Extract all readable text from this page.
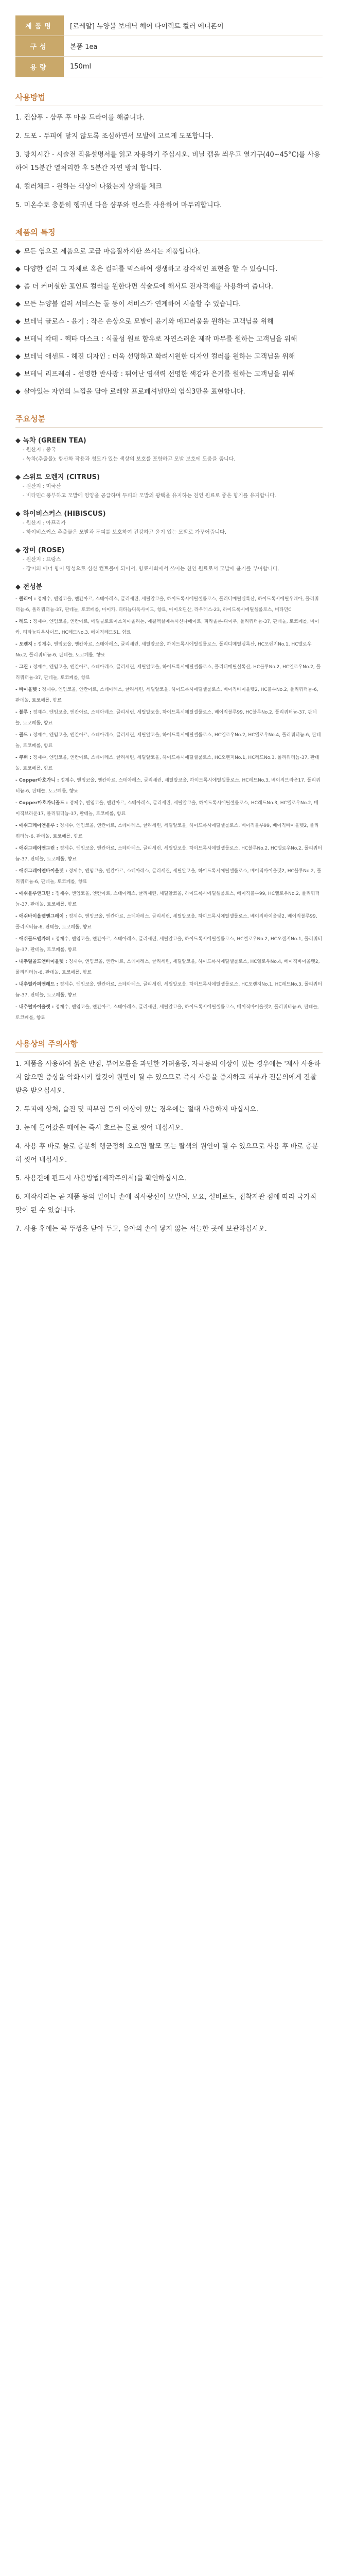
제품명	[로레알] 뉴양볼 보테닉 헤어 다이렉트 컬러 에너폰이
구성	본품 1ea
용량	150ml
사용방법
1. 컨샴푸 - 샴푸 후 마을 드라이를 해줍니다.
2. 도포 - 두피에 닿지 않도록 조심하면서 모발에 고르게 도포합니다.
3. 방치시간 - 시술전 직음설명서를 읽고 자용하기 주십시오. 비닐 캡을 씌우고 열기구(40~45°C)를 사용하여 15분간 열처리한 후 5분간 자연 방치 합니다.
4. 컬러체크 - 원하는 색상이 나왔는지 상태를 체크
5. 미온수로 충분히 헹궈낸 다음 샴푸와 린스를 사용하여 마무리합니다.
제품의 특징
◆ 모든 염으로 제품으로 고급 마음질까지한 쓰시는 제품입니다.
◆ 다양한 컬러 그 자체로 혹은 컬러를 믹스하여 생생하고 감각적인 표현을 할 수 있습니다.
◆ 좀 더 커머셜한 포인트 컬러를 원한다면 식술도에 해서도 전자적제를 사용하여 줍니다.
◆ 모든 뉴양볼 컬러 서비스는 둘 동이 서비스가 연계하여 시술할 수 있습니다.
◆ 보테닉 글로스 - 윤기 : 작은 손상으로 모발이 윤기와 매끄러움을 원하는 고객님을 위해
◆ 보테닉 칵테 - 헥타 마스크 : 식물성 원료 함유로 자연스러운 제작 마무를 원하는 고객님을 위해
◆ 보테닉 애센트 - 헤진 디자인 : 더욱 선명하고 화려시원한 디자인 컬러를 원하는 고객님을 위해
◆ 보테닉 리프레쉬 - 선명한 반사광 : 뛰어난 염색력 선명한 색감과 은기를 원하는 고객님을 위해
◆ 살아있는 자연의 느낌을 담아 로레알 프로페셔널만의 염식3만을 표현합니다.
주요성분
◆ 녹차 (GREEN TEA)
- 원산지 : 중국
- 녹차(추출물): 항산화 작용과 청모가 있는 색상의 보호를 포함하고 모발 보호에 도움을 줍니다.
◆ 스위트 오렌지 (CITRUS)
- 원산지 : 미국산
- 비타민C 풍부하고 모발에 영양을 공급하며 두피와 모발의 광택을 유지하는 천연 원료로 좋은 향기를 유지합니다.
◆ 하이비스커스 (HIBISCUS)
- 원산지 : 아프리카
- 하이비스커스 추출물은 모발과 두피를 보호하여 건강하고 윤기 있는 모발로 가꾸어줍니다.
◆ 장미 (ROSE)
- 원산지 : 프랑스
- 장미의 에너 향이 명성으로 심신 컨트롤이 되어서, 향료사회에서 쓰이는 천연 원료로서 모발에 윤기를 부여합니다.
◆ 전성분
- 클리어 : 정제수, 엔임코올, 엔칸아르, 스테아레스, 글리세린, 세틸알코올, 하이드록시에틸셀룰로스, 폴리디메틸실록산, 하이드록시에틸우레아, 폴리쿼터늄-6, 폴리쿼터늄-37, 판테놀, 토코페롤, 마이카, 티타늄디옥사이드, 향료, 아이오딘산, 라우레스-23, 하이드록시에틸셀룰로스, 비타민C
- 레드 : 정제수, 엔임코올, 엔칸아르, 메틸클로로이소치아졸리논, 에칠헥실메톡시신나메이트, 피라졸론-다이우, 폴리쿼터늄-37, 판테놀, 토코페롤, 마이카, 티타늄디옥사이드, HC레드No.3, 베이직레드51, 향료
- 오렌지 : 정제수, 엔임코올, 엔칸아르, 스테아레스, 글리세린, 세틸알코올, 하이드록시에틸셀룰로스, 폴리디메틸실록산, HC오렌지No.1, HC옐로우No.2, 폴리쿼터늄-6, 판테놀, 토코페롤, 향료
- 그린 : 정제수, 엔임코올, 엔칸아르, 스테아레스, 글리세린, 세틸알코올, 하이드록시에틸셀룰로스, 폴리디메틸실록산, HC블루No.2, HC옐로우No.2, 폴리쿼터늄-37, 판테놀, 토코페롤, 향료
- 바이올렛 : 정제수, 엔임코올, 엔칸아르, 스테아레스, 글리세린, 세틸알코올, 하이드록시에틸셀룰로스, 베이직바이올렛2, HC블루No.2, 폴리쿼터늄-6, 판테놀, 토코페롤, 향료
- 블루 : 정제수, 엔임코올, 엔칸아르, 스테아레스, 글리세린, 세틸알코올, 하이드록시에틸셀룰로스, 베이직블루99, HC블루No.2, 폴리쿼터늄-37, 판테놀, 토코페롤, 향료
- 골드 : 정제수, 엔임코올, 엔칸아르, 스테아레스, 글리세린, 세틸알코올, 하이드록시에틸셀룰로스, HC옐로우No.2, HC옐로우No.4, 폴리쿼터늄-6, 판테놀, 토코페롤, 향료
- 쿠퍼 : 정제수, 엔임코올, 엔칸아르, 스테아레스, 글리세린, 세틸알코올, 하이드록시에틸셀룰로스, HC오렌지No.1, HC레드No.3, 폴리쿼터늄-37, 판테놀, 토코페롤, 향료
- Copper마호가니 : 정제수, 엔임코올, 엔칸아르, 스테아레스, 글리세린, 세틸알코올, 하이드록시에틸셀룰로스, HC레드No.3, 베이직브라운17, 폴리쿼터늄-6, 판테놀, 토코페롤, 향료
- Copper마호가니골드 : 정제수, 엔임코올, 엔칸아르, 스테아레스, 글리세린, 세틸알코올, 하이드록시에틸셀룰로스, HC레드No.3, HC옐로우No.2, 베이직브라운17, 폴리쿼터늄-37, 판테놀, 토코페롤, 향료
- 애쉬그레이앤블루 : 정제수, 엔임코올, 엔칸아르, 스테아레스, 글리세린, 세틸알코올, 하이드록시에틸셀룰로스, 베이직블루99, 베이직바이올렛2, 폴리쿼터늄-6, 판테놀, 토코페롤, 향료
- 애쉬그레이앤그린 : 정제수, 엔임코올, 엔칸아르, 스테아레스, 글리세린, 세틸알코올, 하이드록시에틸셀룰로스, HC블루No.2, HC옐로우No.2, 폴리쿼터늄-37, 판테놀, 토코페롤, 향료
- 애쉬그레이앤바이올렛 : 정제수, 엔임코올, 엔칸아르, 스테아레스, 글리세린, 세틸알코올, 하이드록시에틸셀룰로스, 베이직바이올렛2, HC블루No.2, 폴리쿼터늄-6, 판테놀, 토코페롤, 향료
- 애쉬블루앤그린 : 정제수, 엔임코올, 엔칸아르, 스테아레스, 글리세린, 세틸알코올, 하이드록시에틸셀룰로스, 베이직블루99, HC옐로우No.2, 폴리쿼터늄-37, 판테놀, 토코페롤, 향료
- 애쉬바이올렛앤그레이 : 정제수, 엔임코올, 엔칸아르, 스테아레스, 글리세린, 세틸알코올, 하이드록시에틸셀룰로스, 베이직바이올렛2, 베이직블루99, 폴리쿼터늄-6, 판테놀, 토코페롤, 향료
- 애쉬골드앤카퍼 : 정제수, 엔임코올, 엔칸아르, 스테아레스, 글리세린, 세틸알코올, 하이드록시에틸셀룰로스, HC옐로우No.2, HC오렌지No.1, 폴리쿼터늄-37, 판테놀, 토코페롤, 향료
- 내추럴골드앤바이올렛 : 정제수, 엔임코올, 엔칸아르, 스테아레스, 글리세린, 세틸알코올, 하이드록시에틸셀룰로스, HC옐로우No.4, 베이직바이올렛2, 폴리쿼터늄-6, 판테놀, 토코페롤, 향료
- 내추럴카퍼앤레드 : 정제수, 엔임코올, 엔칸아르, 스테아레스, 글리세린, 세틸알코올, 하이드록시에틸셀룰로스, HC오렌지No.1, HC레드No.3, 폴리쿼터늄-37, 판테놀, 토코페롤, 향료
- 내추럴바이올렛 : 정제수, 엔임코올, 엔칸아르, 스테아레스, 글리세린, 세틸알코올, 하이드록시에틸셀룰로스, 베이직바이올렛2, 폴리쿼터늄-6, 판테놀, 토코페롤, 향료
사용상의 주의사항
1. 제품을 사용하여 붉은 반점, 부어오름을 과민한 가려움증, 자극등의 이상이 있는 경우에는 '제사 사용하지 않으면 증상을 악화시키 할것이 원만이 될 수 있으므로 즉시 사용을 중지하고 피부과 전문의에게 진찰받을 받으십시오.
2. 두피에 상처, 습진 및 피부염 등의 이상이 있는 경우에는 절대 사용하지 마십시오.
3. 눈에 들어갔을 때에는 즉시 흐르는 물로 씻어 내십시오.
4. 사용 후 바로 물로 충분히 행군정히 오으면 탈모 또는 탈색의 원인이 될 수 있으므로 사용 후 바로 충분히 씻어 내십시오.
5. 사용전에 판드시 사용방법(제작주의서)을 확인하십시오.
6. 제작사라는 곧 제품 등의 일이나 손에 직사광선이 모발여, 모요, 설비로도, 접착지관 점에 따라 국가적 맞이 된 수 있습니다.
7. 사용 후에는 꼭 뚜껑을 닫아 두고, 유아의 손이 닿지 않는 서늘한 곳에 보관하십시오.
